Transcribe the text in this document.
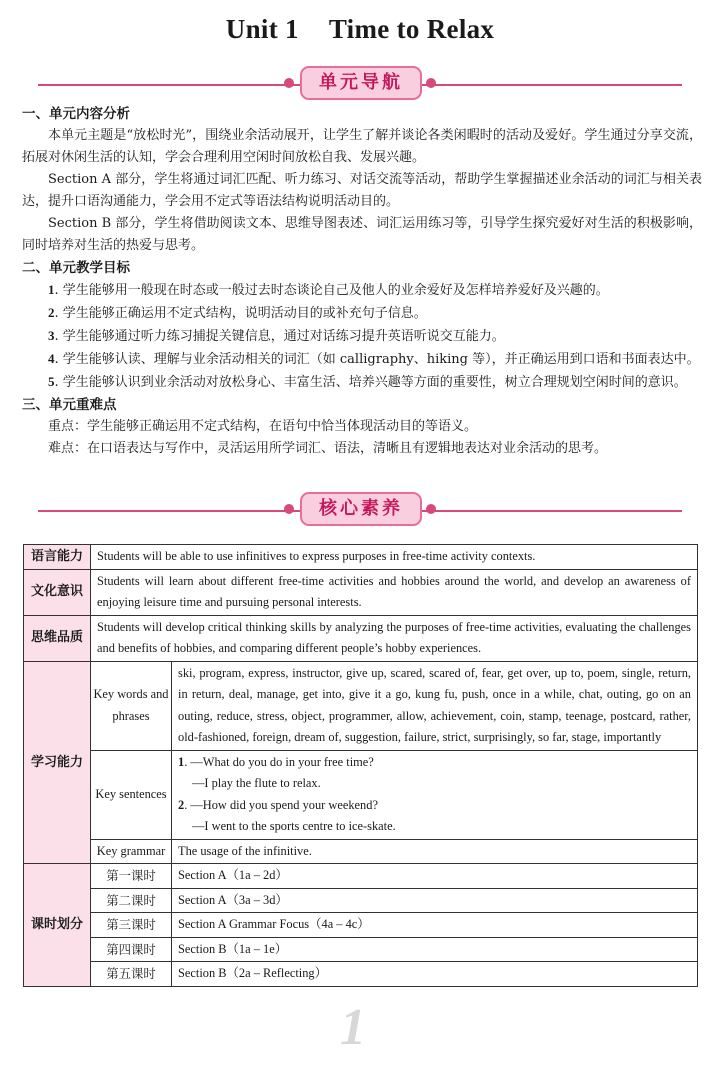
Unit 1 Time to Relax
单元导航
一、单元内容分析
本单元主题是“放松时光”，围绕业余活动展开，让学生了解并谈论各类闲暇时的活动及爱好。学生通过分享交流，拓展对休闲生活的认知，学会合理利用空闲时间放松自我、发展兴趣。
Section A 部分，学生将通过词汇匹配、听力练习、对话交流等活动，帮助学生掌握描述业余活动的词汇与相关表达，提升口语沟通能力，学会用不定式等语法结构说明活动目的。
Section B 部分，学生将借助阅读文本、思维导图表述、词汇运用练习等，引导学生探究爱好对生活的积极影响，同时培养对生活的热爱与思考。
二、单元教学目标
1. 学生能够用一般现在时态或一般过去时态谈论自己及他人的业余爱好及怎样培养爱好及兴趣的。
2. 学生能够正确运用不定式结构，说明活动目的或补充句子信息。
3. 学生能够通过听力练习捕捉关键信息，通过对话练习提升英语听说交互能力。
4. 学生能够认读、理解与业余活动相关的词汇（如 calligraphy、hiking 等），并正确运用到口语和书面表达中。
5. 学生能够认识到业余活动对放松身心、丰富生活、培养兴趣等方面的重要性，树立合理规划空闲时间的意识。
三、单元重难点
重点：学生能够正确运用不定式结构，在语句中恰当体现活动目的等语义。
难点：在口语表达与写作中，灵活运用所学词汇、语法，清晰且有逻辑地表达对业余活动的思考。
核心素养
语言能力	Students will be able to use infinitives to express purposes in free-time activity contexts.	
文化意识	Students will learn about different free-time activities and hobbies around the world, and develop an awareness of enjoying leisure time and pursuing personal interests.	
思维品质	Students will develop critical thinking skills by analyzing the purposes of free-time activities, evaluating the challenges and benefits of hobbies, and comparing different people’s hobby experiences.	
学习能力	Key words and phrases	ski, program, express, instructor, give up, scared, scared of, fear, get over, up to, poem, single, return, in return, deal, manage, get into, give it a go, kung fu, push, once in a while, chat, outing, go on an outing, reduce, stress, object, programmer, allow, achievement, coin, stamp, teenage, postcard, rather, old-fashioned, foreign, dream of, suggestion, failure, strict, surprisingly, so far, stage, importantly
	Key sentences	1. —What do you do in your free time?
—I play the flute to relax.
2. —How did you spend your weekend?
—I went to the sports centre to ice-skate.

	Key grammar	The usage of the infinitive.
课时划分	第一课时	Section A（1a – 2d）
	第二课时	Section A（3a – 3d）
	第三课时	Section A Grammar Focus（4a – 4c）
	第四课时	Section B（1a – 1e）
	第五课时	Section B（2a – Reflecting）
1
